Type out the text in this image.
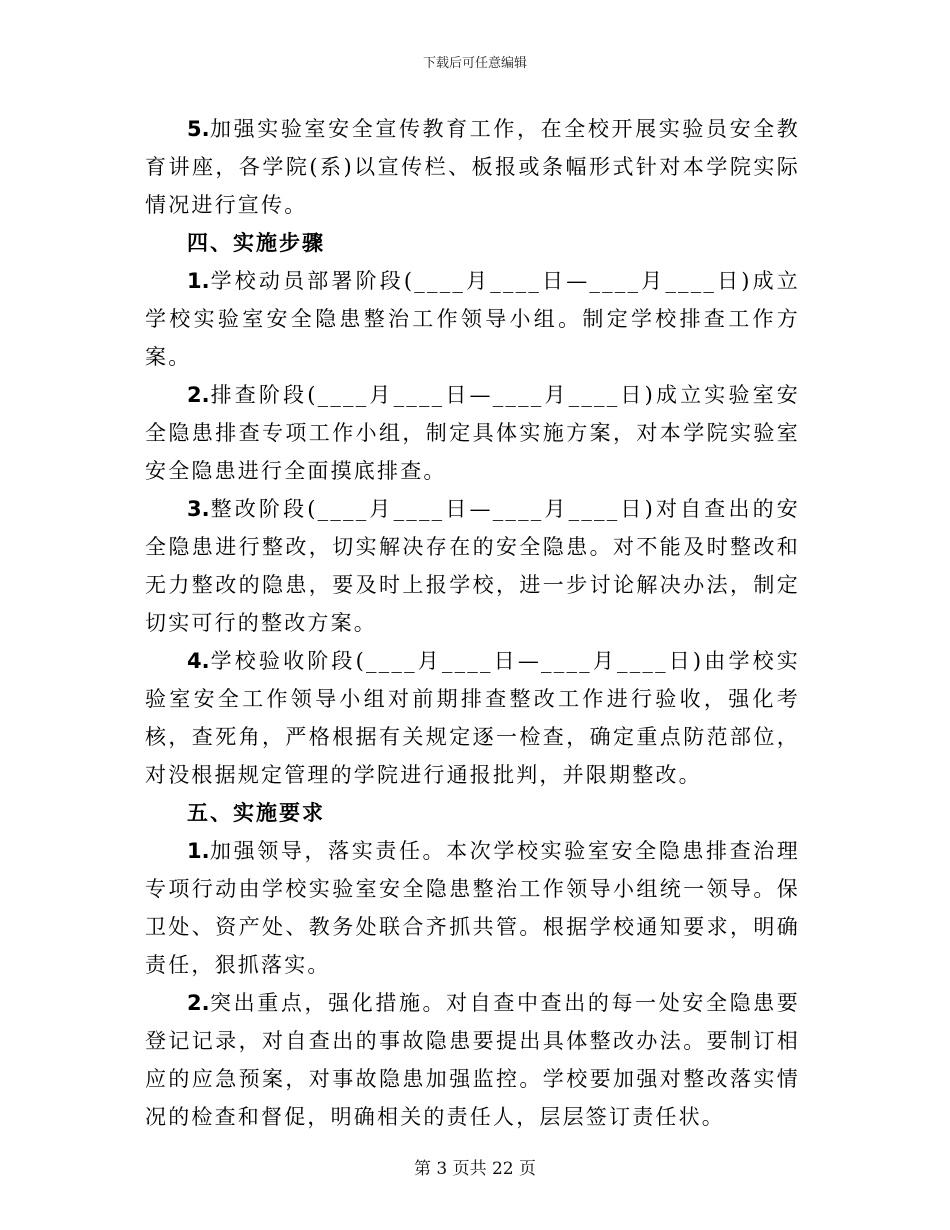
下载后可任意编辑

5.加强实验室安全宣传教育工作，在全校开展实验员安全教育讲座，各学院(系)以宣传栏、板报或条幅形式针对本学院实际情况进行宣传。

四、实施步骤

1.学校动员部署阶段(____月____日—____月____日)成立学校实验室安全隐患整治工作领导小组。制定学校排查工作方案。

2.排查阶段(____月____日—____月____日)成立实验室安全隐患排查专项工作小组，制定具体实施方案，对本学院实验室安全隐患进行全面摸底排查。

3.整改阶段(____月____日—____月____日)对自查出的安全隐患进行整改，切实解决存在的安全隐患。对不能及时整改和无力整改的隐患，要及时上报学校，进一步讨论解决办法，制定切实可行的整改方案。

4.学校验收阶段(____月____日—____月____日)由学校实验室安全工作领导小组对前期排查整改工作进行验收，强化考核，查死角，严格根据有关规定逐一检查，确定重点防范部位，对没根据规定管理的学院进行通报批判，并限期整改。

五、实施要求

1.加强领导，落实责任。本次学校实验室安全隐患排查治理专项行动由学校实验室安全隐患整治工作领导小组统一领导。保卫处、资产处、教务处联合齐抓共管。根据学校通知要求，明确责任，狠抓落实。

2.突出重点，强化措施。对自查中查出的每一处安全隐患要登记记录，对自查出的事故隐患要提出具体整改办法。要制订相应的应急预案，对事故隐患加强监控。学校要加强对整改落实情况的检查和督促，明确相关的责任人，层层签订责任状。

第 3 页共 22 页
